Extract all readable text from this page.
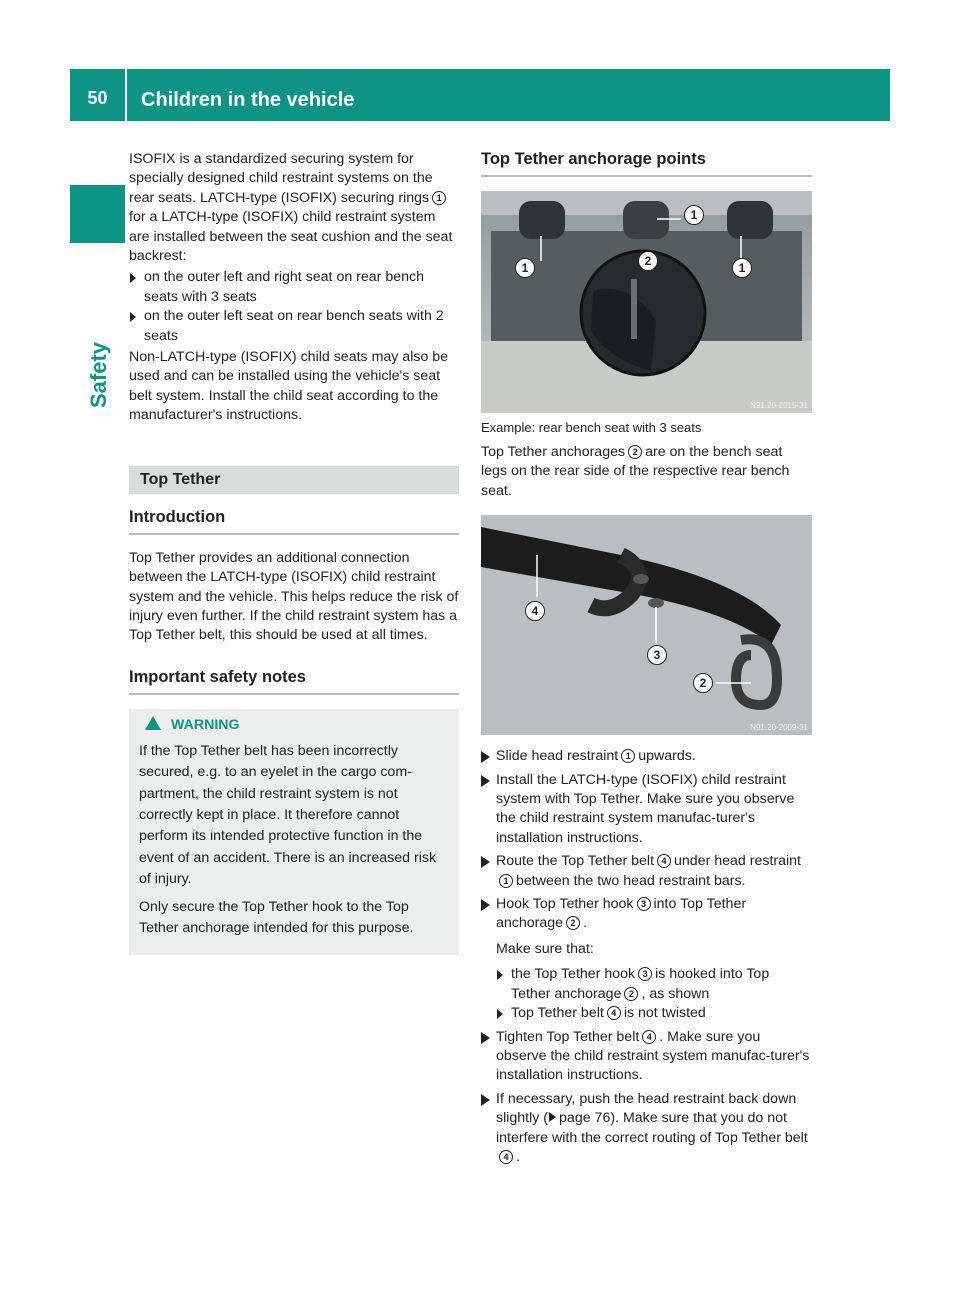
50	Children in the vehicle
Safety

ISOFIX is a standardized securing system for specially designed child restraint systems on the rear seats. LATCH-type (ISOFIX) securing rings 1for a LATCH-type (ISOFIX) child restraint system are installed between the seat cushion and the seat backrest:

on the outer left and right seat on rear bench seats with 3 seats
on the outer left seat on rear bench seats with 2 seats

Non-LATCH-type (ISOFIX) child seats may also be used and can be installed using the vehicle's seat belt system. Install the child seat according to the manufacturer's instructions.

Top Tether
Introduction

Top Tether provides an additional connection between the LATCH-type (ISOFIX) child restraint system and the vehicle. This helps reduce the risk of injury even further. If the child restraint system has a Top Tether belt, this should be used at all times.

Important safety notes
WARNING

If the Top Tether belt has been incorrectly secured, e.g. to an eyelet in the cargo com-partment, the child restraint system is not correctly kept in place. It therefore cannot perform its intended protective function in the event of an accident. There is an increased risk of injury.

Only secure the Top Tether hook to the Top Tether anchorage intended for this purpose.

Top Tether anchorage points
1
1
2	1
N91.20-2015-31

Example: rear bench seat with 3 seats

Top Tether anchorages 2 are on the bench seat legs on the rear side of the respective rear bench seat.

4
3
2
N91.20-2009-31
Slide head restraint 1 upwards.
Install the LATCH-type (ISOFIX) child restraint system with Top Tether. Make sure you observe the child restraint system manufac-turer's installation instructions.
Route the Top Tether belt 4 under head restraint1 between the two head restraint bars.
Hook Top Tether hook 3 into Top Tether anchorage 2 .
Make sure that:
the Top Tether hook 3 is hooked into Top Tether anchorage 2 , as shown
Top Tether belt 4 is not twisted
Tighten Top Tether belt 4 . Make sure you observe the child restraint system manufac-turer's installation instructions.
If necessary, push the head restraint back down slightly ( page 76). Make sure that you do not interfere with the correct routing of Top Tether belt4 .
